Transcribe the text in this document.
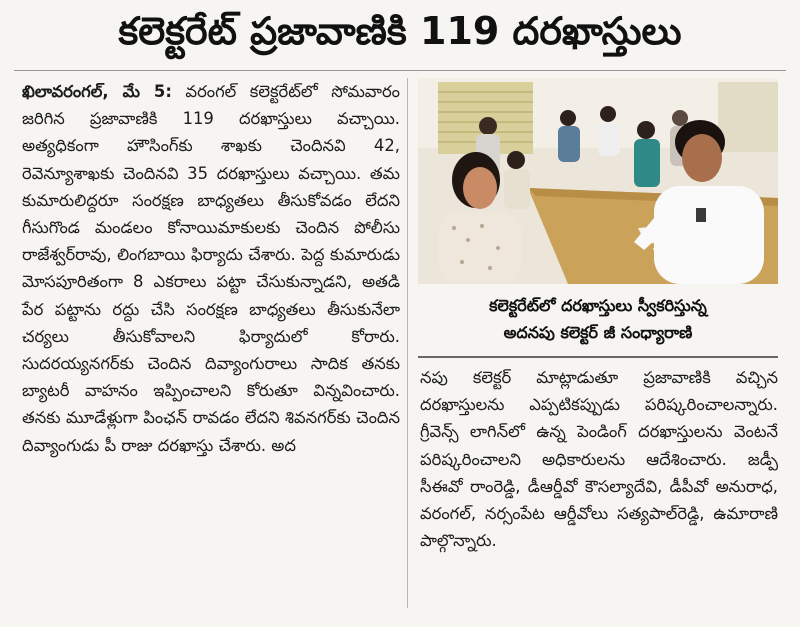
కలెక్టరేట్ ప్రజావాణికి 119 దరఖాస్తులు

ఖిలావరంగల్, మే 5: వరంగల్ కలెక్టరేట్‌లో సోమవారం జరిగిన ప్రజావాణికి 119 దరఖాస్తులు వచ్చాయి. అత్యధికంగా హౌసింగ్‌కు శాఖకు చెందినవి 42, రెవెన్యూశాఖకు చెందినవి 35 దరఖాస్తులు వచ్చాయి. తమ కుమారులిద్దరూ సంరక్షణ బాధ్యతలు తీసుకోవడం లేదని గీసుగొండ మండలం కోనాయిమాకులకు చెందిన పోలీసు రాజేశ్వర్‌రావు, లింగబాయి ఫిర్యాదు చేశారు. పెద్ద కుమారుడు మోసపూరితంగా 8 ఎకరాలు పట్టా చేసుకున్నాడని, అతడి పేర పట్టాను రద్దు చేసి సంరక్షణ బాధ్యతలు తీసుకునేలా చర్యలు తీసుకోవాలని ఫిర్యాదులో కోరారు. సుదరయ్యనగర్‌కు చెందిన దివ్యాంగురాలు సాదిక తనకు బ్యాటరీ వాహనం ఇప్పించాలని కోరుతూ విన్నవించారు. తనకు మూడేళ్లుగా పింఛన్ రావడం లేదని శివనగర్‌కు చెందిన దివ్యాంగుడు పీ రాజు దరఖాస్తు చేశారు. అద

కలెక్టరేట్‌లో దరఖాస్తులు స్వీకరిస్తున్న
అదనపు కలెక్టర్ జీ సంధ్యారాణి

నపు కలెక్టర్ మాట్లాడుతూ ప్రజావాణికి వచ్చిన దరఖాస్తులను ఎప్పటికప్పుడు పరిష్కరించాలన్నారు. గ్రీవెన్స్ లాగిన్‌లో ఉన్న పెండింగ్ దరఖాస్తులను వెంటనే పరిష్కరించాలని అధికారులను ఆదేశించారు. జడ్పీ సీఈవో రాంరెడ్డి, డీఆర్డీవో కౌసల్యాదేవి, డీపీవో అనురాధ, వరంగల్, నర్సంపేట ఆర్డీవోలు సత్యపాల్‌రెడ్డి, ఉమారాణి పాల్గొన్నారు.
